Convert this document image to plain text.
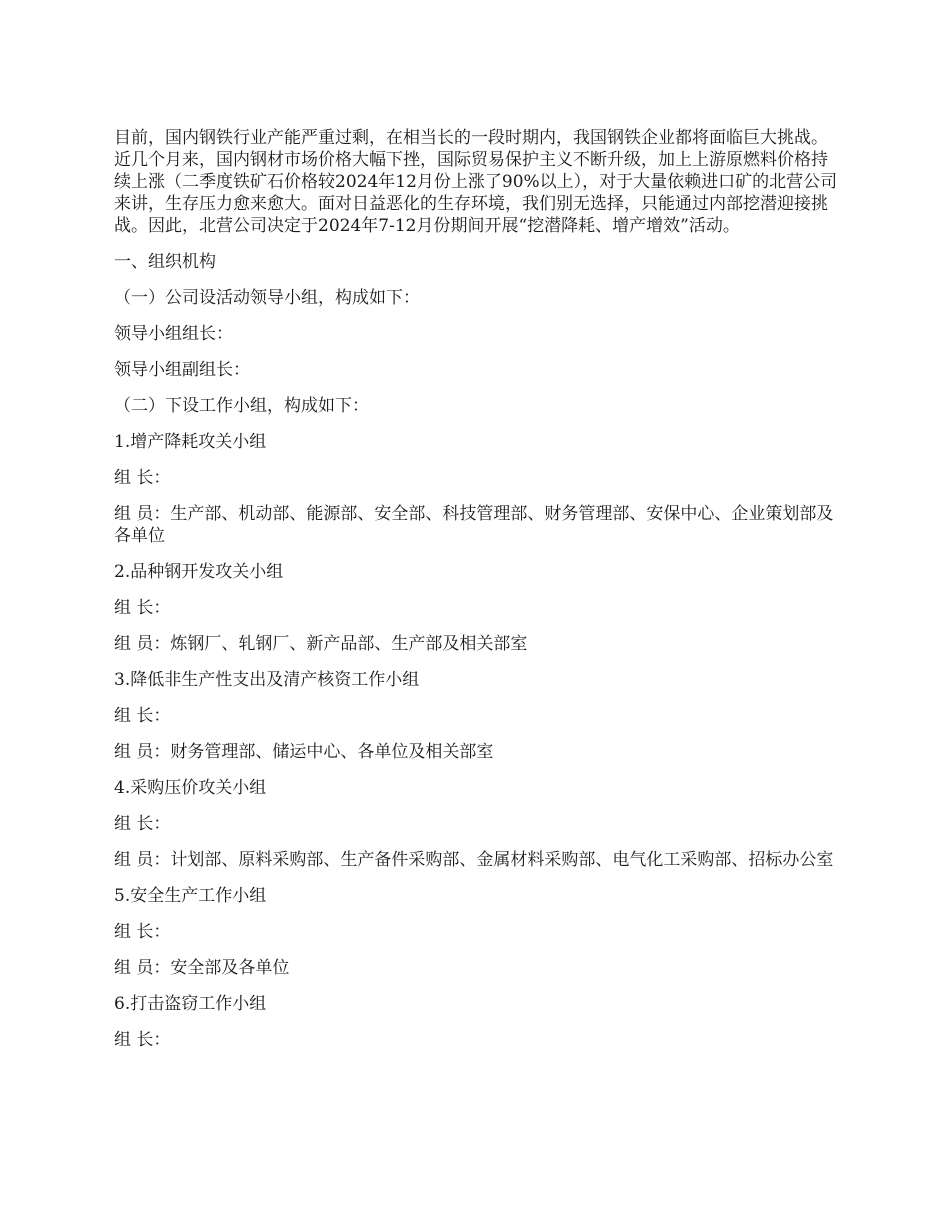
目前，国内钢铁行业产能严重过剩，在相当长的一段时期内，我国钢铁企业都将面临巨大挑战。近几个月来，国内钢材市场价格大幅下挫，国际贸易保护主义不断升级，加上上游原燃料价格持续上涨（二季度铁矿石价格较2024年12月份上涨了90%以上），对于大量依赖进口矿的北营公司来讲，生存压力愈来愈大。面对日益恶化的生存环境，我们别无选择，只能通过内部挖潜迎接挑战。因此，北营公司决定于2024年7-12月份期间开展“挖潜降耗、增产增效”活动。

一、组织机构

（一）公司设活动领导小组，构成如下：

领导小组组长：

领导小组副组长：

（二）下设工作小组，构成如下：

1.增产降耗攻关小组

组 长：

组 员：生产部、机动部、能源部、安全部、科技管理部、财务管理部、安保中心、企业策划部及各单位

2.品种钢开发攻关小组

组 长：

组 员：炼钢厂、轧钢厂、新产品部、生产部及相关部室

3.降低非生产性支出及清产核资工作小组

组 长：

组 员：财务管理部、储运中心、各单位及相关部室

4.采购压价攻关小组

组 长：

组 员：计划部、原料采购部、生产备件采购部、金属材料采购部、电气化工采购部、招标办公室

5.安全生产工作小组

组 长：

组 员：安全部及各单位

6.打击盗窃工作小组

组 长：
